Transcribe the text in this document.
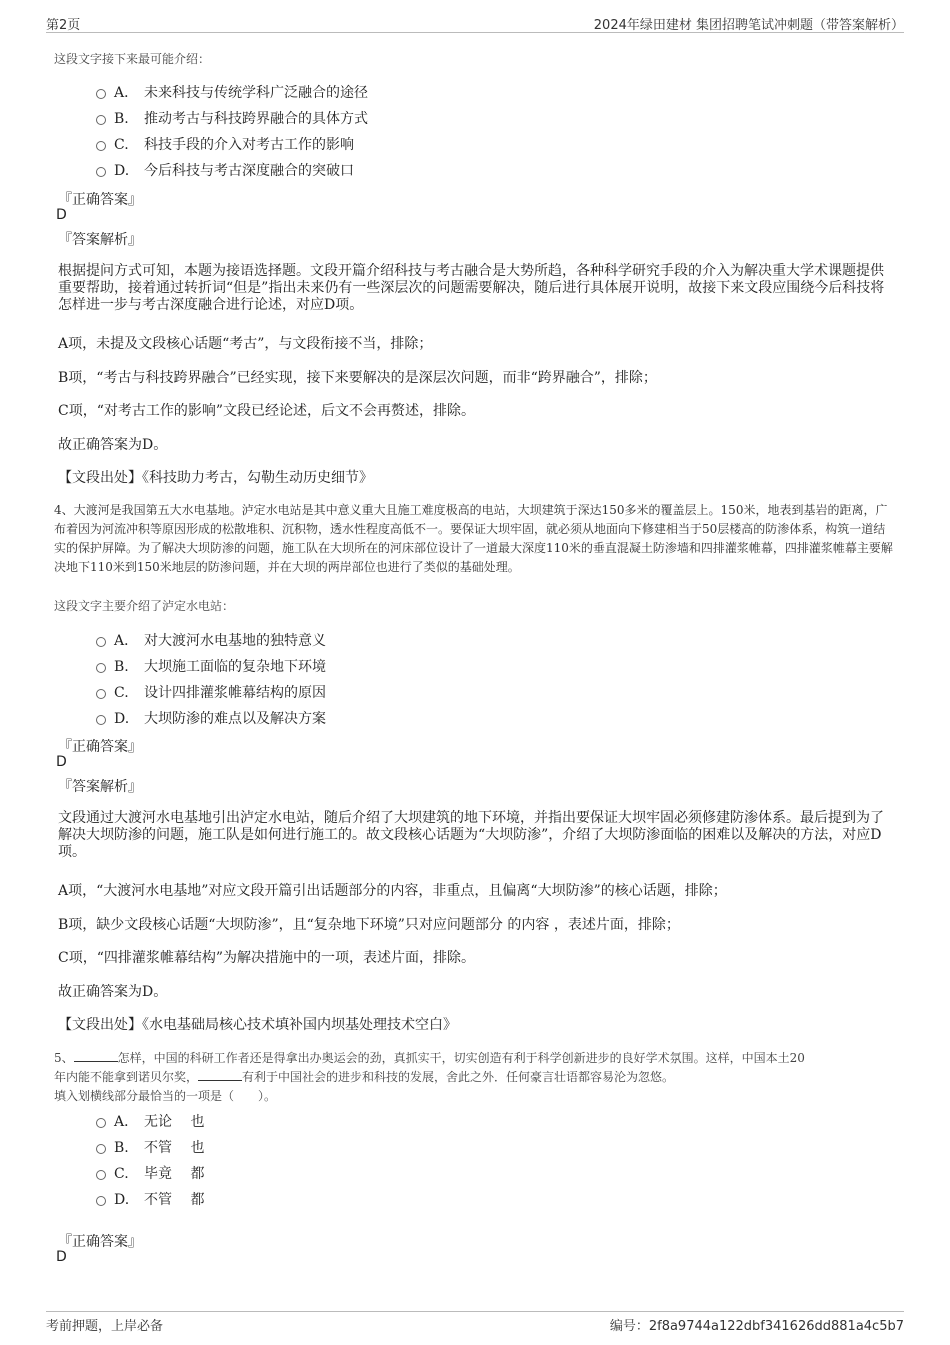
第2页	2024年绿田建材 集团招聘笔试冲刺题（带答案解析）
这段文字接下来最可能介绍：
A． 未来科技与传统学科广泛融合的途径
B. 推动考古与科技跨界融合的具体方式
C. 科技手段的介入对考古工作的影响
D. 今后科技与考古深度融合的突破口
『正确答案』
D
『答案解析』
根据提问方式可知，本题为接语选择题。文段开篇介绍科技与考古融合是大势所趋，各种科学研究手段的介入为解决重大学术课题提供重要帮助，接着通过转折词“但是”指出未来仍有一些深层次的问题需要解决，随后进行具体展开说明，故接下来文段应围绕今后科技将怎样进一步与考古深度融合进行论述，对应D项。
A项，未提及文段核心话题“考古”，与文段衔接不当，排除；
B项，“考古与科技跨界融合”已经实现，接下来要解决的是深层次问题，而非“跨界融合”，排除；
C项，“对考古工作的影响”文段已经论述，后文不会再赘述，排除。
故正确答案为D。
【文段出处】《科技助力考古，勾勒生动历史细节》
4、大渡河是我国第五大水电基地。泸定水电站是其中意义重大且施工难度极高的电站，大坝建筑于深达150多米的覆盖层上。150米，地表到基岩的距离，广布着因为河流冲积等原因形成的松散堆积、沉积物，透水性程度高低不一。要保证大坝牢固，就必须从地面向下修建相当于50层楼高的防渗体系，构筑一道结实的保护屏障。为了解决大坝防渗的问题，施工队在大坝所在的河床部位设计了一道最大深度110米的垂直混凝土防渗墙和四排灌浆帷幕，四排灌浆帷幕主要解决地下110米到150米地层的防渗问题，并在大坝的两岸部位也进行了类似的基础处理。
这段文字主要介绍了泸定水电站：
A． 对大渡河水电基地的独特意义
B. 大坝施工面临的复杂地下环境
C. 设计四排灌浆帷幕结构的原因
D. 大坝防渗的难点以及解决方案
『正确答案』
D
『答案解析』
文段通过大渡河水电基地引出泸定水电站，随后介绍了大坝建筑的地下环境，并指出要保证大坝牢固必须修建防渗体系。最后提到为了解决大坝防渗的问题，施工队是如何进行施工的。故文段核心话题为“大坝防渗”，介绍了大坝防渗面临的困难以及解决的方法，对应D项。
A项，“大渡河水电基地”对应文段开篇引出话题部分的内容，非重点，且偏离“大坝防渗”的核心话题，排除；
B项，缺少文段核心话题“大坝防渗”，且“复杂地下环境”只对应问题部分 的内容 ，表述片面，排除；
C项，“四排灌浆帷幕结构”为解决措施中的一项，表述片面，排除。
故正确答案为D。
【文段出处】《水电基础局核心技术填补国内坝基处理技术空白》
5、	怎样，中国的科研工作者还是得拿出办奥运会的劲，真抓实干，切实创造有利于科学创新进步的良好学术氛围。这样，中国本土20
年内能不能拿到诺贝尔奖，	有利于中国社会的进步和科技的发展，舍此之外．任何豪言壮语都容易沦为忽悠。
填入划横线部分最恰当的一项是（　　）。
A． 无论　 也
B. 不管　 也
C. 毕竟　 都
D. 不管　 都
『正确答案』
D
考前押题，上岸必备	编号：2f8a9744a122dbf341626dd881a4c5b7
